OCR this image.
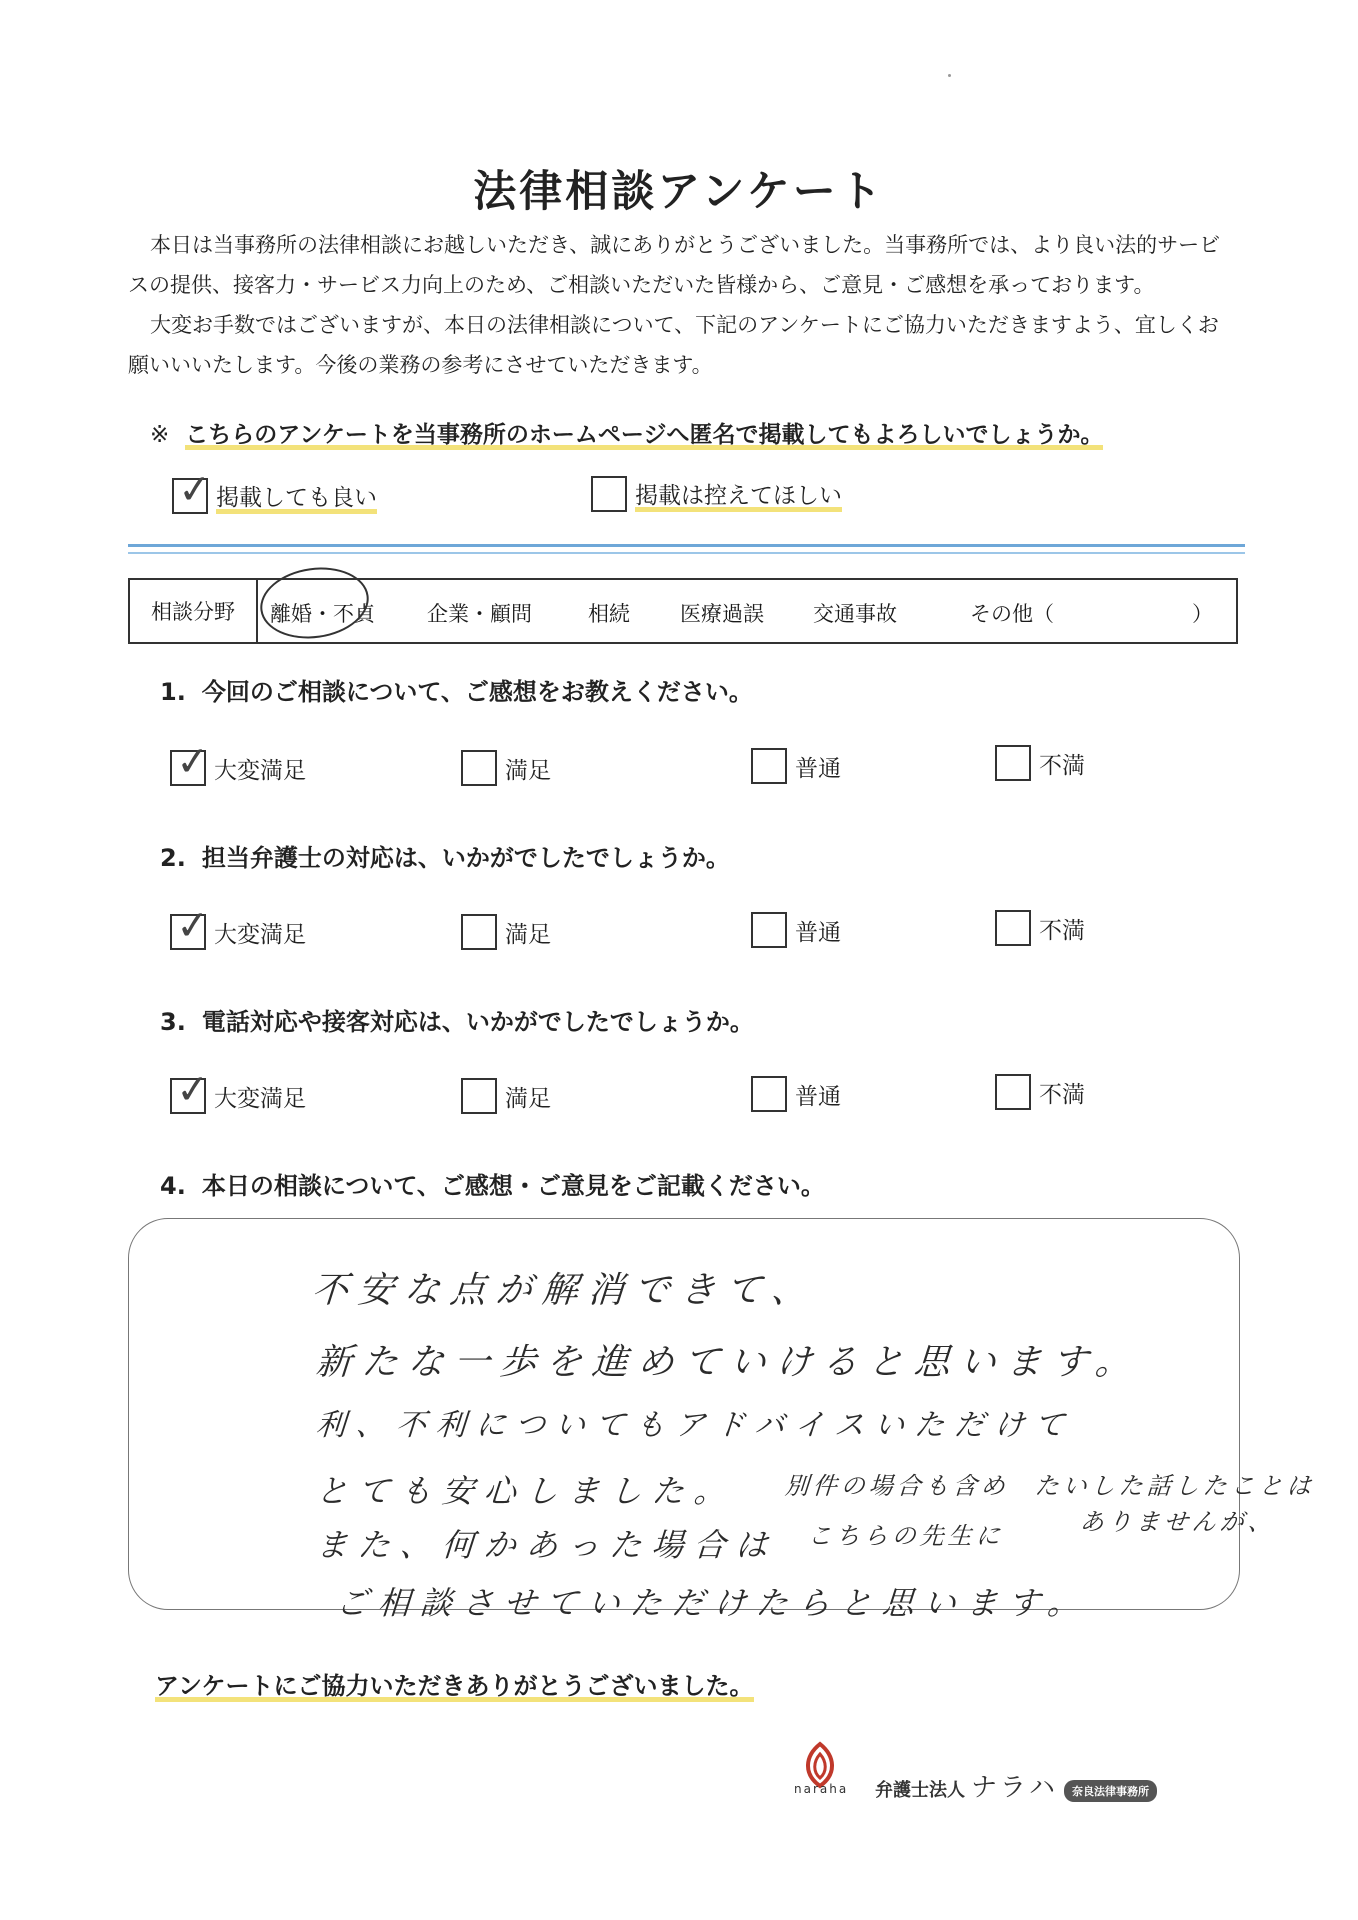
法律相談アンケート

本日は当事務所の法律相談にお越しいただき、誠にありがとうございました。当事務所では、より良い法的サービスの提供、接客力・サービス力向上のため、ご相談いただいた皆様から、ご意見・ご感想を承っております。

大変お手数ではございますが、本日の法律相談について、下記のアンケートにご協力いただきますよう、宜しくお願いいいたします。今後の業務の参考にさせていただきます。

※ こちらのアンケートを当事務所のホームページへ匿名で掲載してもよろしいでしょうか。
✓ 掲載しても良い	掲載は控えてほしい
相談分野	離婚・不貞 企業・顧問	相続 医療過誤 交通事故	その他（	）
1. 今回のご相談について、ご感想をお教えください。
✓ 大変満足	満足	普通	不満
2. 担当弁護士の対応は、いかがでしたでしょうか。
✓ 大変満足	満足	普通	不満
3. 電話対応や接客対応は、いかがでしたでしょうか。
✓ 大変満足	満足	普通	不満
4. 本日の相談について、ご感想・ご意見をご記載ください。
不安な点が解消できて、
新たな一歩を進めていけると思います。
利、不利についてもアドバイスいただけて
とても安心しました。
また、何かあった場合は
ご相談させていただけたらと思います。
別件の場合も含め
こちらの先生に
たいした話したことは
ありませんが、
アンケートにご協力いただきありがとうございました。
naraha 弁護士法人 ナラハ 奈良法律事務所
